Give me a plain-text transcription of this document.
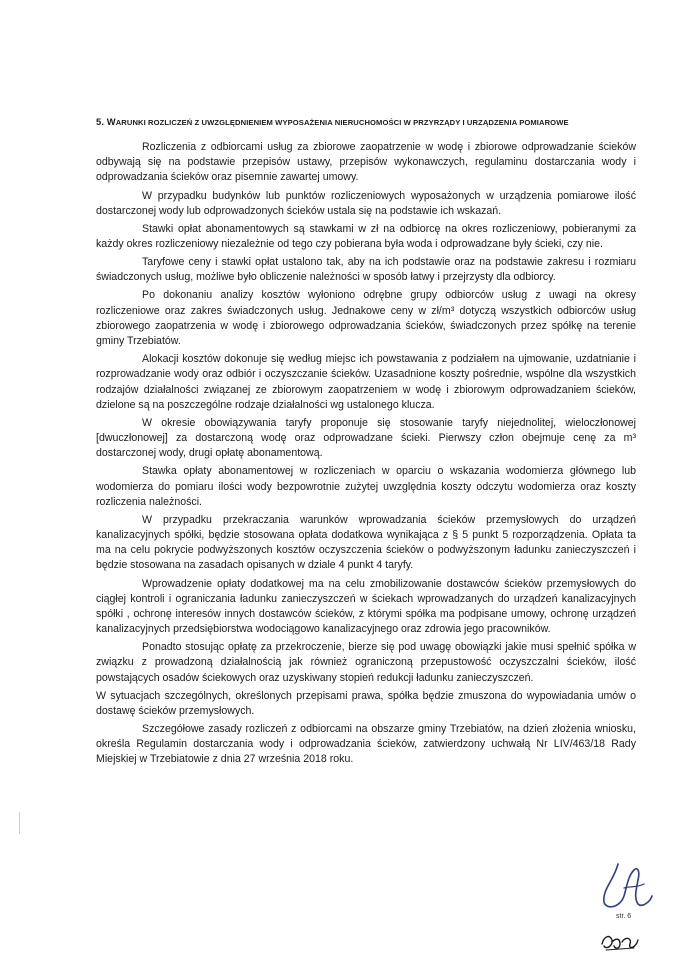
5. WARUNKI ROZLICZEŃ Z UWZGLĘDNIENIEM WYPOSAŻENIA NIERUCHOMOŚCI W PRZYRZĄDY I URZĄDZENIA POMIAROWE

Rozliczenia z odbiorcami usług za zbiorowe zaopatrzenie w wodę i zbiorowe odprowadzanie ścieków odbywają się na podstawie przepisów ustawy, przepisów wykonawczych, regulaminu dostarczania wody i odprowadzania ścieków oraz pisemnie zawartej umowy.

W przypadku budynków lub punktów rozliczeniowych wyposażonych w urządzenia pomiarowe ilość dostarczonej wody lub odprowadzonych ścieków ustala się na podstawie ich wskazań.

Stawki opłat abonamentowych są stawkami w zł na odbiorcę na okres rozliczeniowy, pobieranymi za każdy okres rozliczeniowy niezależnie od tego czy pobierana była woda i odprowadzane były ścieki, czy nie.

Taryfowe ceny i stawki opłat ustalono tak, aby na ich podstawie oraz na podstawie zakresu i rozmiaru świadczonych usług, możliwe było obliczenie należności w sposób łatwy i przejrzysty dla odbiorcy.

Po dokonaniu analizy kosztów wyłoniono odrębne grupy odbiorców usług z uwagi na okresy rozliczeniowe oraz zakres świadczonych usług. Jednakowe ceny w zł/m³ dotyczą wszystkich odbiorców usług zbiorowego zaopatrzenia w wodę i zbiorowego odprowadzania ścieków, świadczonych przez spółkę na terenie gminy Trzebiatów.

Alokacji kosztów dokonuje się według miejsc ich powstawania z podziałem na ujmowanie, uzdatnianie i rozprowadzanie wody oraz odbiór i oczyszczanie ścieków. Uzasadnione koszty pośrednie, wspólne dla wszystkich rodzajów działalności związanej ze zbiorowym zaopatrzeniem w wodę i zbiorowym odprowadzaniem ścieków, dzielone są na poszczególne rodzaje działalności wg ustalonego klucza.

W okresie obowiązywania taryfy proponuje się stosowanie taryfy niejednolitej, wieloczłonowej [dwuczłonowej] za dostarczoną wodę oraz odprowadzane ścieki. Pierwszy człon obejmuje cenę za m³ dostarczonej wody, drugi opłatę abonamentową.

Stawka opłaty abonamentowej w rozliczeniach w oparciu o wskazania wodomierza głównego lub wodomierza do pomiaru ilości wody bezpowrotnie zużytej uwzględnia koszty odczytu wodomierza oraz koszty rozliczenia należności.

W przypadku przekraczania warunków wprowadzania ścieków przemysłowych do urządzeń kanalizacyjnych spółki, będzie stosowana opłata dodatkowa wynikająca z § 5 punkt 5 rozporządzenia. Opłata ta ma na celu pokrycie podwyższonych kosztów oczyszczenia ścieków o podwyższonym ładunku zanieczyszczeń i będzie stosowana na zasadach opisanych w dziale 4 punkt 4 taryfy.

Wprowadzenie opłaty dodatkowej ma na celu zmobilizowanie dostawców ścieków przemysłowych do ciągłej kontroli i ograniczania ładunku zanieczyszczeń w ściekach wprowadzanych do urządzeń kanalizacyjnych spółki , ochronę interesów innych dostawców ścieków, z którymi spółka ma podpisane umowy, ochronę urządzeń kanalizacyjnych przedsiębiorstwa wodociągowo kanalizacyjnego oraz zdrowia jego pracowników.

Ponadto stosując opłatę za przekroczenie, bierze się pod uwagę obowiązki jakie musi spełnić spółka w związku z prowadzoną działalnością jak również ograniczoną przepustowość oczyszczalni ścieków, ilość powstających osadów ściekowych oraz uzyskiwany stopień redukcji ładunku zanieczyszczeń.

W sytuacjach szczególnych, określonych przepisami prawa, spółka będzie zmuszona do wypowiadania umów o dostawę ścieków przemysłowych.

Szczegółowe zasady rozliczeń z odbiorcami na obszarze gminy Trzebiatów, na dzień złożenia wniosku, określa Regulamin dostarczania wody i odprowadzania ścieków, zatwierdzony uchwałą Nr LIV/463/18 Rady Miejskiej w Trzebiatowie z dnia 27 września 2018 roku.

str. 6
